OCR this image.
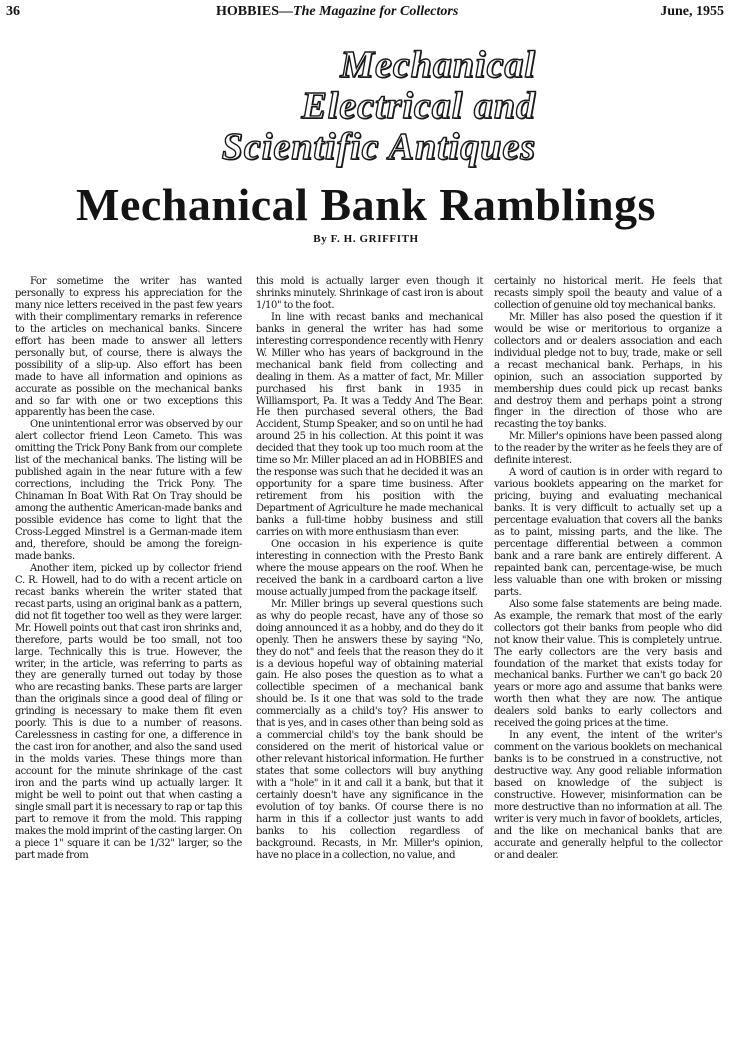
36	HOBBIES—The Magazine for Collectors	June, 1955
Mechanical
Electrical and
Scientific Antiques
Mechanical Bank Ramblings
By F. H. GRIFFITH

For sometime the writer has wanted personally to express his appreciation for the many nice letters received in the past few years with their complimentary remarks in reference to the articles on mechanical banks. Sincere effort has been made to answer all letters personally but, of course, there is always the possibility of a slip-up. Also effort has been made to have all information and opinions as accurate as possible on the mechanical banks and so far with one or two exceptions this apparently has been the case.

One unintentional error was observed by our alert collector friend Leon Cameto. This was omitting the Trick Pony Bank from our complete list of the mechanical banks. The listing will be published again in the near future with a few corrections, including the Trick Pony. The Chinaman In Boat With Rat On Tray should be among the authentic American-made banks and possible evidence has come to light that the Cross-Legged Minstrel is a German-made item and, therefore, should be among the foreign-made banks.

Another item, picked up by collector friend C. R. Howell, had to do with a recent article on recast banks wherein the writer stated that recast parts, using an original bank as a pattern, did not fit together too well as they were larger. Mr. Howell points out that cast iron shrinks and, therefore, parts would be too small, not too large. Technically this is true. However, the writer, in the article, was referring to parts as they are generally turned out today by those who are recasting banks. These parts are larger than the originals since a good deal of filing or grinding is necessary to make them fit even poorly. This is due to a number of reasons. Carelessness in casting for one, a difference in the cast iron for another, and also the sand used in the molds varies. These things more than account for the minute shrinkage of the cast iron and the parts wind up actually larger. It might be well to point out that when casting a single small part it is necessary to rap or tap this part to remove it from the mold. This rapping makes the mold imprint of the casting larger. On a piece 1" square it can be 1/32" larger, so the part made from

this mold is actually larger even though it shrinks minutely. Shrinkage of cast iron is about 1/10" to the foot.

In line with recast banks and mechanical banks in general the writer has had some interesting correspondence recently with Henry W. Miller who has years of background in the mechanical bank field from collecting and dealing in them. As a matter of fact, Mr. Miller purchased his first bank in 1935 in Williamsport, Pa. It was a Teddy And The Bear. He then purchased several others, the Bad Accident, Stump Speaker, and so on until he had around 25 in his collection. At this point it was decided that they took up too much room at the time so Mr. Miller placed an ad in HOBBIES and the response was such that he decided it was an opportunity for a spare time business. After retirement from his position with the Department of Agriculture he made mechanical banks a full-time hobby business and still carries on with more enthusiasm than ever.

One occasion in his experience is quite interesting in connection with the Presto Bank where the mouse appears on the roof. When he received the bank in a cardboard carton a live mouse actually jumped from the package itself.

Mr. Miller brings up several questions such as why do people recast, have any of those so doing announced it as a hobby, and do they do it openly. Then he answers these by saying "No, they do not" and feels that the reason they do it is a devious hopeful way of obtaining material gain. He also poses the question as to what a collectible specimen of a mechanical bank should be. Is it one that was sold to the trade commercially as a child's toy? His answer to that is yes, and in cases other than being sold as a commercial child's toy the bank should be considered on the merit of historical value or other relevant historical information. He further states that some collectors will buy anything with a "hole" in it and call it a bank, but that it certainly doesn't have any significance in the evolution of toy banks. Of course there is no harm in this if a collector just wants to add banks to his collection regardless of background. Recasts, in Mr. Miller's opinion, have no place in a collection, no value, and

certainly no historical merit. He feels that recasts simply spoil the beauty and value of a collection of genuine old toy mechanical banks.

Mr. Miller has also posed the question if it would be wise or meritorious to organize a collectors and or dealers association and each individual pledge not to buy, trade, make or sell a recast mechanical bank. Perhaps, in his opinion, such an association supported by membership dues could pick up recast banks and destroy them and perhaps point a strong finger in the direction of those who are recasting the toy banks.

Mr. Miller's opinions have been passed along to the reader by the writer as he feels they are of definite interest.

A word of caution is in order with regard to various booklets appearing on the market for pricing, buying and evaluating mechanical banks. It is very difficult to actually set up a percentage evaluation that covers all the banks as to paint, missing parts, and the like. The percentage differential between a common bank and a rare bank are entirely different. A repainted bank can, percentage-wise, be much less valuable than one with broken or missing parts.

Also some false statements are being made. As example, the remark that most of the early collectors got their banks from people who did not know their value. This is completely untrue. The early collectors are the very basis and foundation of the market that exists today for mechanical banks. Further we can't go back 20 years or more ago and assume that banks were worth then what they are now. The antique dealers sold banks to early collectors and received the going prices at the time.

In any event, the intent of the writer's comment on the various booklets on mechanical banks is to be construed in a constructive, not destructive way. Any good reliable information based on knowledge of the subject is constructive. However, misinformation can be more destructive than no information at all. The writer is very much in favor of booklets, articles, and the like on mechanical banks that are accurate and generally helpful to the collector or and dealer.
